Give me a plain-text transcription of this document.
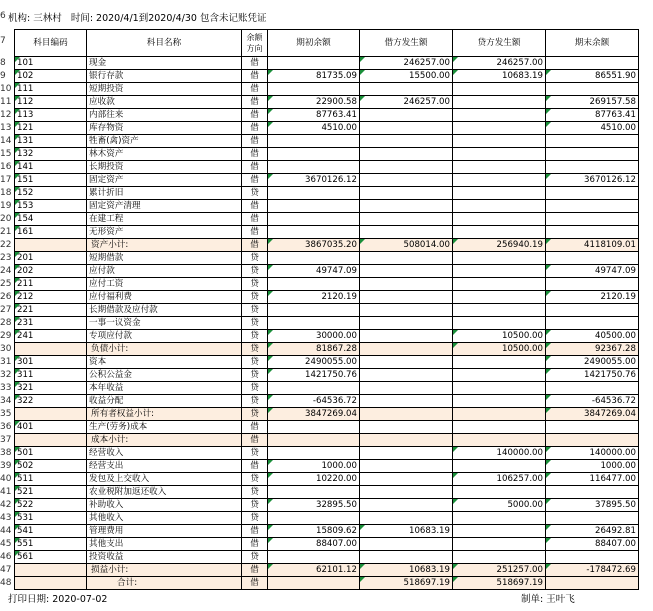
7
6
8
9
10
11
12
13
14
15
16
17
18
19
20
21
22
23
24
25
26
27
28
29
30
31
32
33
34
35
36
37
38
39
40
41
42
43
44
45
46
47
48
机构: 三林村 时间: 2020/4/1到2020/4/30 包含未记账凭证
科目编码	科目名称	余额方向	期初余额	借方发生额	贷方发生额	期末余额
101	现金	借		246257.00	246257.00	
102	银行存款	借	81735.09	15500.00	10683.19	86551.90
111	短期投资	借				
112	应收款	借	22900.58	246257.00		269157.58
113	内部往来	借	87763.41			87763.41
121	库存物资	借	4510.00			4510.00
131	牲畜(禽)资产	借				
132	林木资产	借				
141	长期投资	借				
151	固定资产	借	3670126.12			3670126.12
152	累计折旧	贷				
153	固定资产清理	借				
154	在建工程	借				
161	无形资产	借				
	资产小计:	借	3867035.20	508014.00	256940.19	4118109.01
201	短期借款	贷				
202	应付款	贷	49747.09			49747.09
211	应付工资	贷				
212	应付福利费	贷	2120.19			2120.19
221	长期借款及应付款	贷				
231	一事一议资金	贷				
241	专项应付款	贷	30000.00		10500.00	40500.00
	负债小计:	贷	81867.28		10500.00	92367.28
301	资本	贷	2490055.00			2490055.00
311	公积公益金	贷	1421750.76			1421750.76
321	本年收益	贷				
322	收益分配	贷	-64536.72			-64536.72
	所有者权益小计:	贷	3847269.04			3847269.04
401	生产(劳务)成本	借				
	成本小计:	借				
501	经营收入	贷			140000.00	140000.00
502	经营支出	借	1000.00			1000.00
511	发包及上交收入	贷	10220.00		106257.00	116477.00
521	农业税附加返还收入	贷				
522	补助收入	贷	32895.50		5000.00	37895.50
531	其他收入	贷				
541	管理费用	借	15809.62	10683.19		26492.81
551	其他支出	借	88407.00			88407.00
561	投资收益	贷				
	损益小计:	借	62101.12	10683.19	251257.00	-178472.69
	合计:	借		518697.19	518697.19	
打印日期: 2020-07-02	制单: 王叶飞
